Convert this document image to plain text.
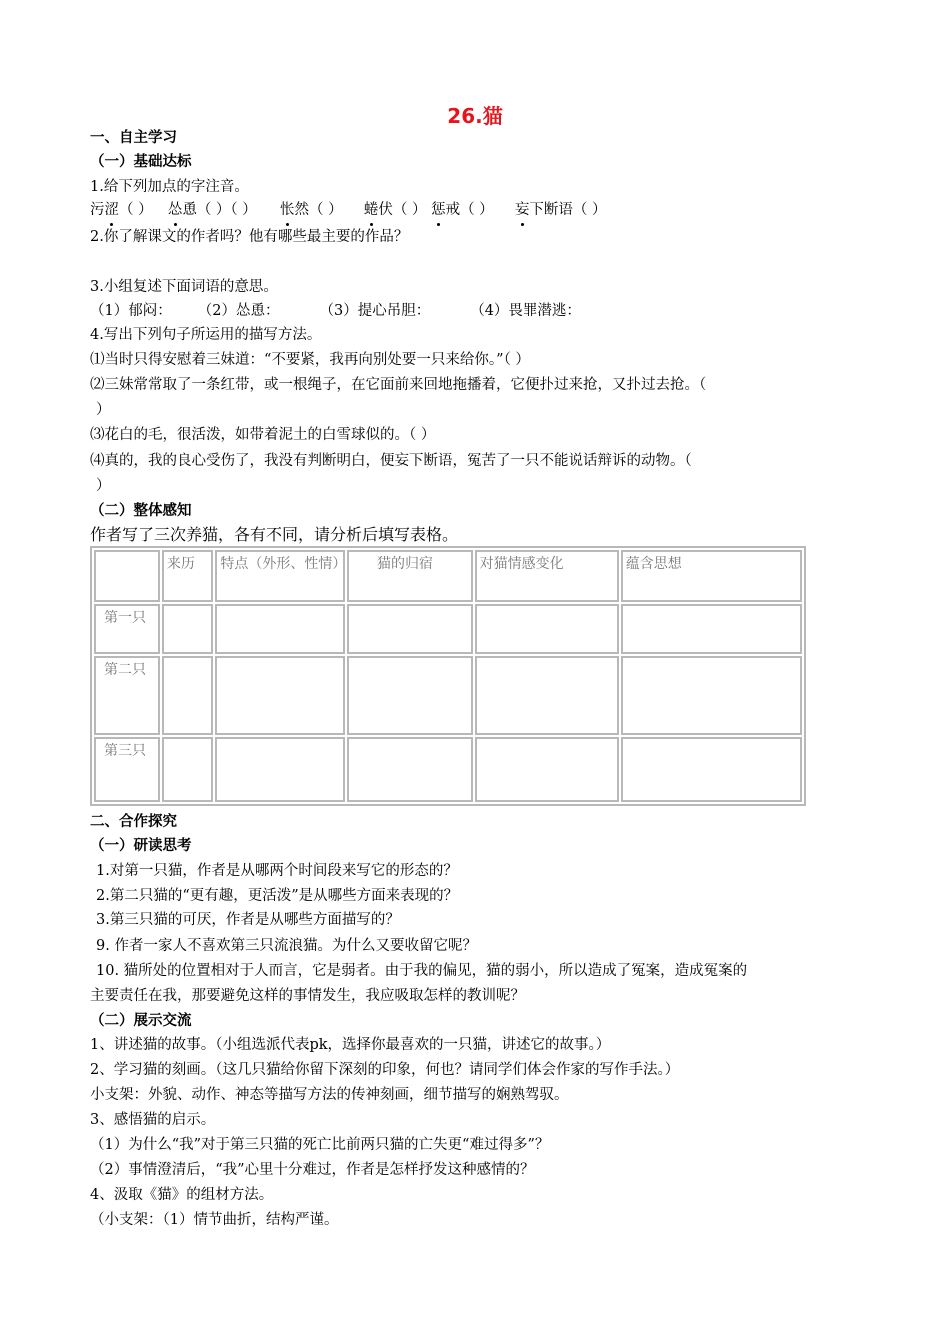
26.猫
一、自主学习
（一）基础达标
1.给下列加点的字注音。
污涩（ ） 怂恿（ ）（ ） 怅然（ ） 蜷伏（ ） 惩戒（ ） 妄下断语（ ）
2.你了解课文的作者吗？他有哪些最主要的作品？
3.小组复述下面词语的意思。
（1）郁闷： （2）怂恿：	（3）提心吊胆：	（4）畏罪潜逃：
4.写出下列句子所运用的描写方法。
⑴当时只得安慰着三妹道：“不要紧，我再向别处要一只来给你。”（ ）
⑵三妹常常取了一条红带，或一根绳子，在它面前来回地拖播着，它便扑过来抢，又扑过去抢。（
）
⑶花白的毛，很活泼，如带着泥土的白雪球似的。（ ）
⑷真的，我的良心受伤了，我没有判断明白，便妄下断语，冤苦了一只不能说话辩诉的动物。（
）
（二）整体感知
作者写了三次养猫，各有不同，请分析后填写表格。
	来历	特点（外形、性情）	猫的归宿	对猫情感变化	蕴含思想
第一只					
第二只					
第三只					
二、合作探究
（一）研读思考
1.对第一只猫，作者是从哪两个时间段来写它的形态的？
2.第二只猫的“更有趣，更活泼”是从哪些方面来表现的？
3.第三只猫的可厌，作者是从哪些方面描写的？
9. 作者一家人不喜欢第三只流浪猫。为什么又要收留它呢？
10. 猫所处的位置相对于人而言，它是弱者。由于我的偏见，猫的弱小，所以造成了冤案，造成冤案的
主要责任在我，那要避免这样的事情发生，我应吸取怎样的教训呢？
（二）展示交流
1、讲述猫的故事。（小组选派代表pk，选择你最喜欢的一只猫，讲述它的故事。）
2、学习猫的刻画。（这几只猫给你留下深刻的印象，何也？请同学们体会作家的写作手法。）
小支架：外貌、动作、神态等描写方法的传神刻画，细节描写的娴熟驾驭。
3、感悟猫的启示。
（1）为什么“我”对于第三只猫的死亡比前两只猫的亡失更“难过得多”？
（2）事情澄清后，“我”心里十分难过，作者是怎样抒发这种感情的？
4、汲取《猫》的组材方法。
（小支架：（1）情节曲折，结构严谨。
